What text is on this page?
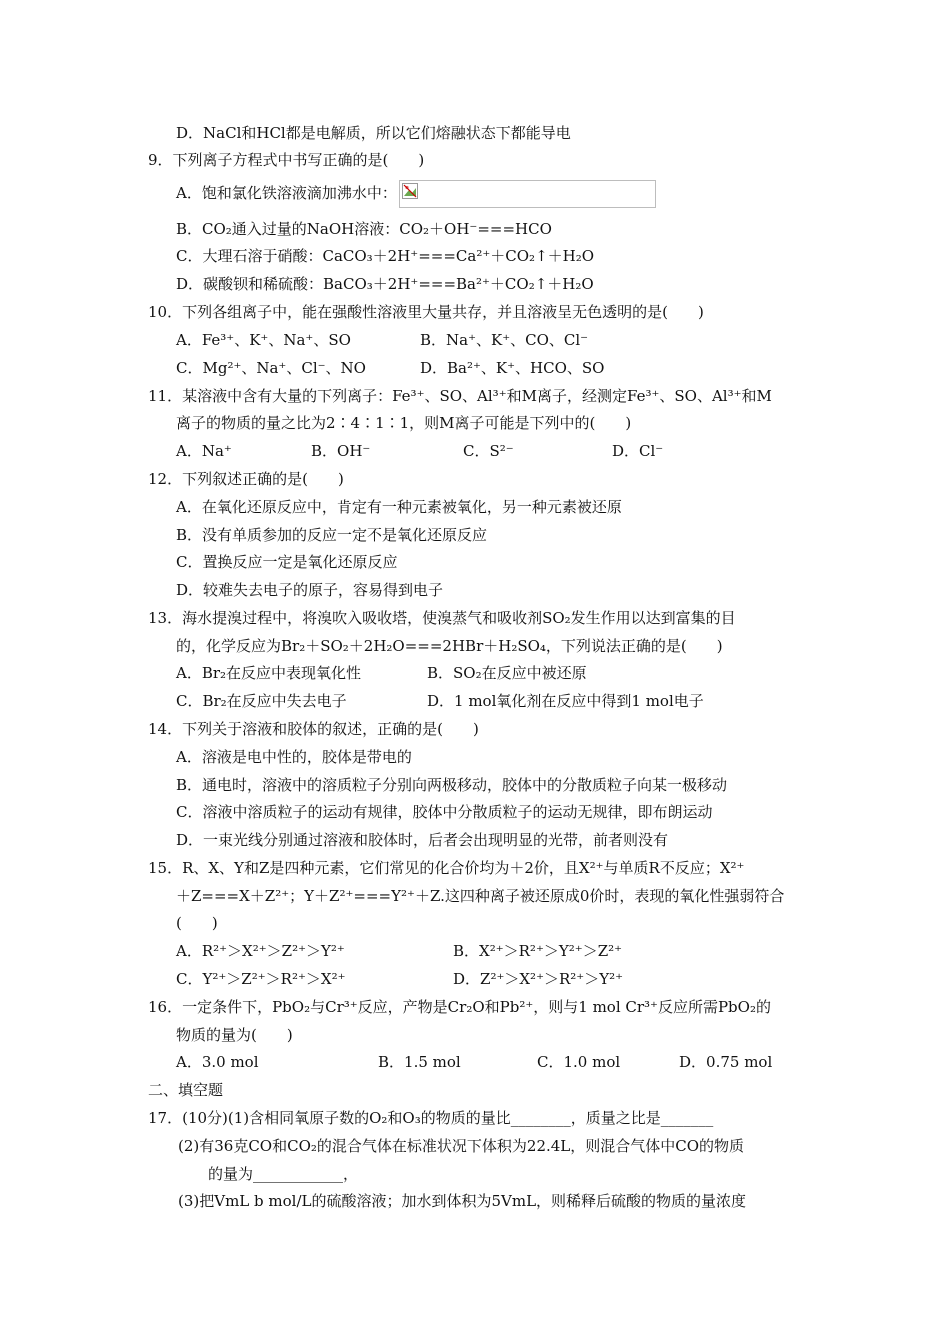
D．NaCl和HCl都是电解质，所以它们熔融状态下都能导电
9．下列离子方程式中书写正确的是(　　)
A．饱和氯化铁溶液滴加沸水中：
B．CO₂通入过量的NaOH溶液：CO₂＋OH⁻===HCO
C．大理石溶于硝酸：CaCO₃＋2H⁺===Ca²⁺＋CO₂↑＋H₂O
D．碳酸钡和稀硫酸：BaCO₃＋2H⁺===Ba²⁺＋CO₂↑＋H₂O
10．下列各组离子中，能在强酸性溶液里大量共存，并且溶液呈无色透明的是(　　)
A．Fe³⁺、K⁺、Na⁺、SO	B．Na⁺、K⁺、CO、Cl⁻
C．Mg²⁺、Na⁺、Cl⁻、NO	D．Ba²⁺、K⁺、HCO、SO
11．某溶液中含有大量的下列离子：Fe³⁺、SO、Al³⁺和M离子，经测定Fe³⁺、SO、Al³⁺和M
离子的物质的量之比为2∶4∶1∶1，则M离子可能是下列中的(　　)
A．Na⁺	B．OH⁻	C．S²⁻	D．Cl⁻
12．下列叙述正确的是(　　)
A．在氧化还原反应中，肯定有一种元素被氧化，另一种元素被还原
B．没有单质参加的反应一定不是氧化还原反应
C．置换反应一定是氧化还原反应
D．较难失去电子的原子，容易得到电子
13．海水提溴过程中，将溴吹入吸收塔，使溴蒸气和吸收剂SO₂发生作用以达到富集的目
的，化学反应为Br₂＋SO₂＋2H₂O===2HBr＋H₂SO₄，下列说法正确的是(　　)
A．Br₂在反应中表现氧化性	B．SO₂在反应中被还原
C．Br₂在反应中失去电子	D．1 mol氧化剂在反应中得到1 mol电子
14．下列关于溶液和胶体的叙述，正确的是(　　)
A．溶液是电中性的，胶体是带电的
B．通电时，溶液中的溶质粒子分别向两极移动，胶体中的分散质粒子向某一极移动
C．溶液中溶质粒子的运动有规律，胶体中分散质粒子的运动无规律，即布朗运动
D．一束光线分别通过溶液和胶体时，后者会出现明显的光带，前者则没有
15．R、X、Y和Z是四种元素，它们常见的化合价均为＋2价，且X²⁺与单质R不反应；X²⁺
＋Z===X＋Z²⁺；Y＋Z²⁺===Y²⁺＋Z.这四种离子被还原成0价时，表现的氧化性强弱符合
(　　)
A．R²⁺＞X²⁺＞Z²⁺＞Y²⁺	B．X²⁺＞R²⁺＞Y²⁺＞Z²⁺
C．Y²⁺＞Z²⁺＞R²⁺＞X²⁺	D．Z²⁺＞X²⁺＞R²⁺＞Y²⁺
16．一定条件下，PbO₂与Cr³⁺反应，产物是Cr₂O和Pb²⁺，则与1 mol Cr³⁺反应所需PbO₂的
物质的量为(　　)
A．3.0 mol	B．1.5 mol	C．1.0 mol	D．0.75 mol
二、填空题
17．(10分)(1)含相同氧原子数的O₂和O₃的物质的量比________，质量之比是_______
(2)有36克CO和CO₂的混合气体在标准状况下体积为22.4L，则混合气体中CO的物质
的量为____________，
(3)把VmL b mol/L的硫酸溶液；加水到体积为5VmL，则稀释后硫酸的物质的量浓度
